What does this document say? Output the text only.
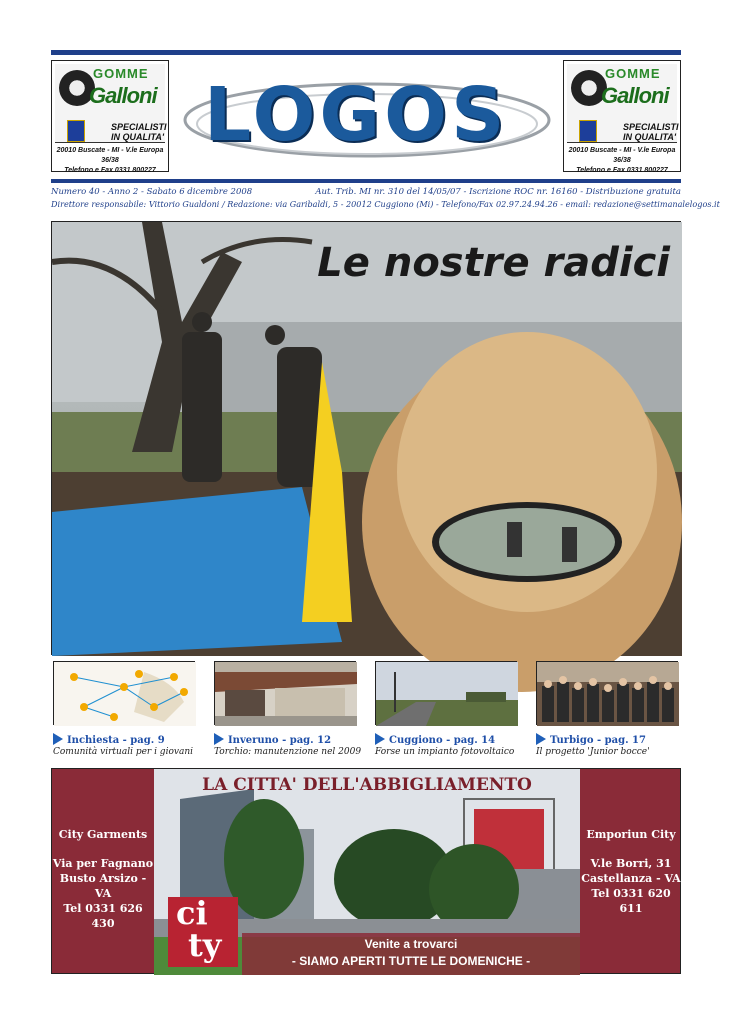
GOMME
Galloni
SPECIALISTI IN QUALITA'
20010 Buscate - MI - V.le Europa 36/38
Telefono e Fax 0331 800227
LOGOS	GOMME
Galloni
SPECIALISTI IN QUALITA'
20010 Buscate - MI - V.le Europa 36/38
Telefono e Fax 0331 800227
Numero 40 - Anno 2 - Sabato 6 dicembre 2008	Aut. Trib. MI nr. 310 del 14/05/07 - Iscrizione ROC nr. 16160 - Distribuzione gratuita
Direttore responsabile: Vittorio Gualdoni / Redazione: via Garibaldi, 5 - 20012 Cuggiono (Mi) - Telefono/Fax 02.97.24.94.26 - email: redazione@settimanalelogos.it
Le nostre radici
Inchiesta - pag. 9
Comunità virtuali per i giovani
Inveruno - pag. 12
Torchio: manutenzione nel 2009
Cuggiono - pag. 14
Forse un impianto fotovoltaico
Turbigo - pag. 17
Il progetto 'Junior bocce'
LA CITTA' DELL'ABBIGLIAMENTO
ci
ty	Venite a trovarci
- SIAMO APERTI TUTTE LE DOMENICHE -
City Garments
Via per Fagnano
Busto Arsizo - VA
Tel 0331 626 430
Emporiun City
V.le Borri, 31
Castellanza - VA
Tel 0331 620 611
